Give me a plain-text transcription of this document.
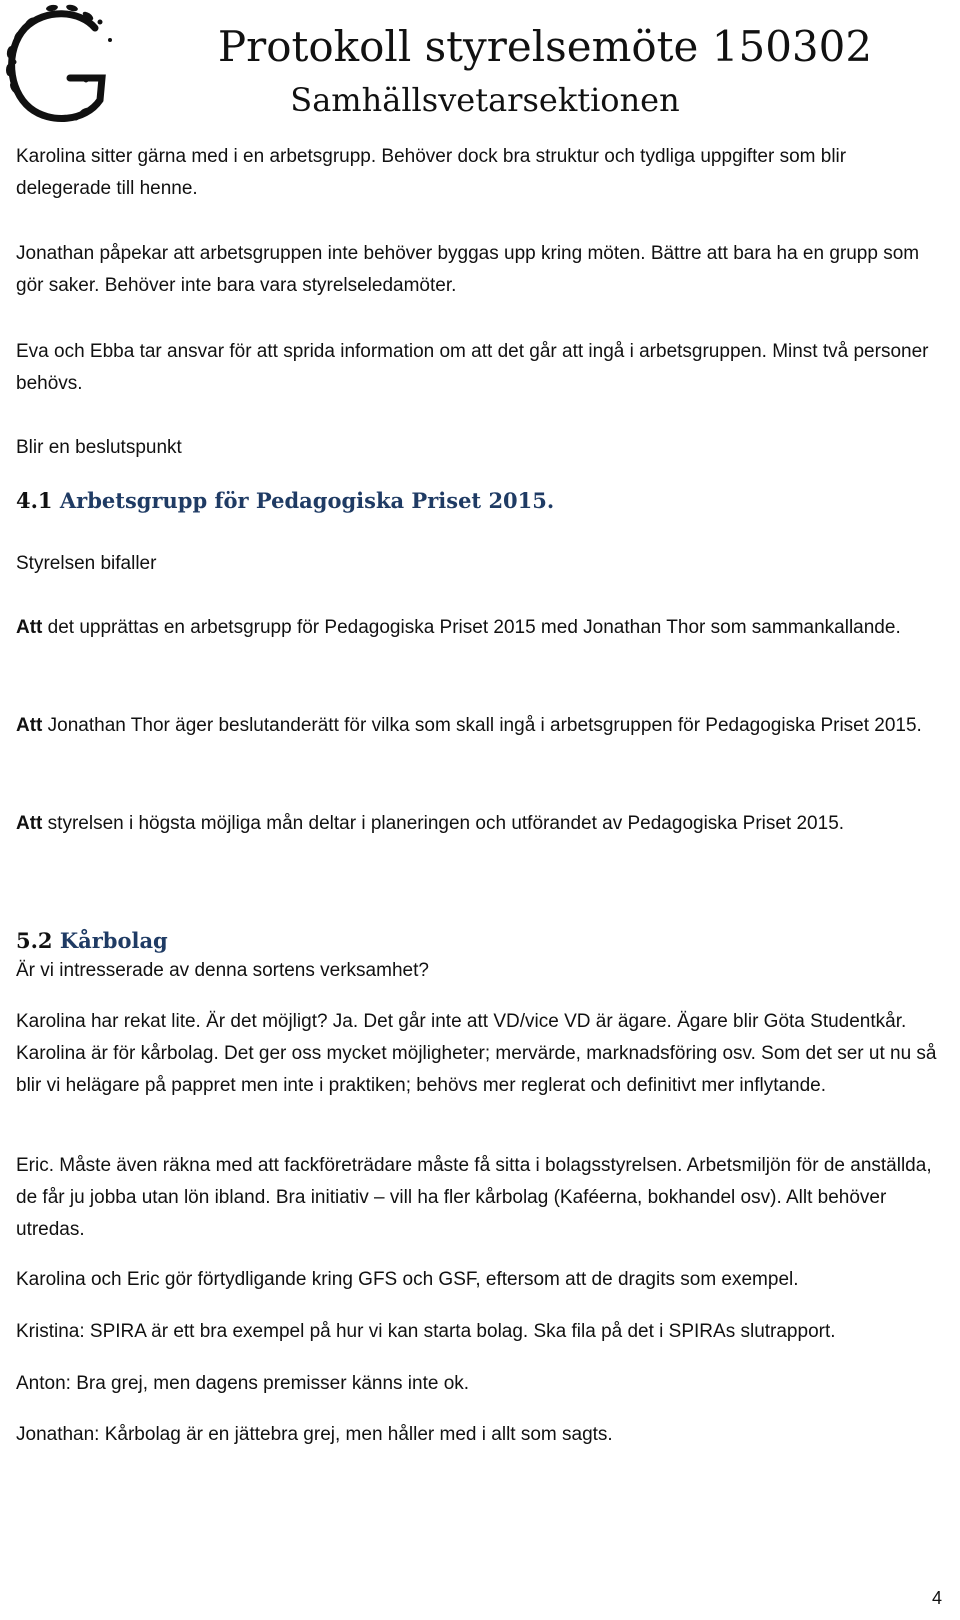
Protokoll styrelsemöte 150302
Samhällsvetarsektionen

Karolina sitter gärna med i en arbetsgrupp. Behöver dock bra struktur och tydliga uppgifter som blir delegerade till henne.

Jonathan påpekar att arbetsgruppen inte behöver byggas upp kring möten. Bättre att bara ha en grupp som gör saker. Behöver inte bara vara styrelseledamöter.

Eva och Ebba tar ansvar för att sprida information om att det går att ingå i arbetsgruppen. Minst två personer behövs.

Blir en beslutspunkt

4.1 Arbetsgrupp för Pedagogiska Priset 2015.

Styrelsen bifaller

Att det upprättas en arbetsgrupp för Pedagogiska Priset 2015 med Jonathan Thor som sammankallande.

Att Jonathan Thor äger beslutanderätt för vilka som skall ingå i arbetsgruppen för Pedagogiska Priset 2015.

Att styrelsen i högsta möjliga mån deltar i planeringen och utförandet av Pedagogiska Priset 2015.

5.2 Kårbolag

Är vi intresserade av denna sortens verksamhet?

Karolina har rekat lite. Är det möjligt? Ja. Det går inte att VD/vice VD är ägare. Ägare blir Göta Studentkår. Karolina är för kårbolag. Det ger oss mycket möjligheter; mervärde, marknadsföring osv. Som det ser ut nu så blir vi helägare på pappret men inte i praktiken; behövs mer reglerat och definitivt mer inflytande.

Eric. Måste även räkna med att fackföreträdare måste få sitta i bolagsstyrelsen. Arbetsmiljön för de anställda, de får ju jobba utan lön ibland. Bra initiativ – vill ha fler kårbolag (Kaféerna, bokhandel osv). Allt behöver utredas.

Karolina och Eric gör förtydligande kring GFS och GSF, eftersom att de dragits som exempel.

Kristina: SPIRA är ett bra exempel på hur vi kan starta bolag. Ska fila på det i SPIRAs slutrapport.

Anton: Bra grej, men dagens premisser känns inte ok.

Jonathan: Kårbolag är en jättebra grej, men håller med i allt som sagts.

4
